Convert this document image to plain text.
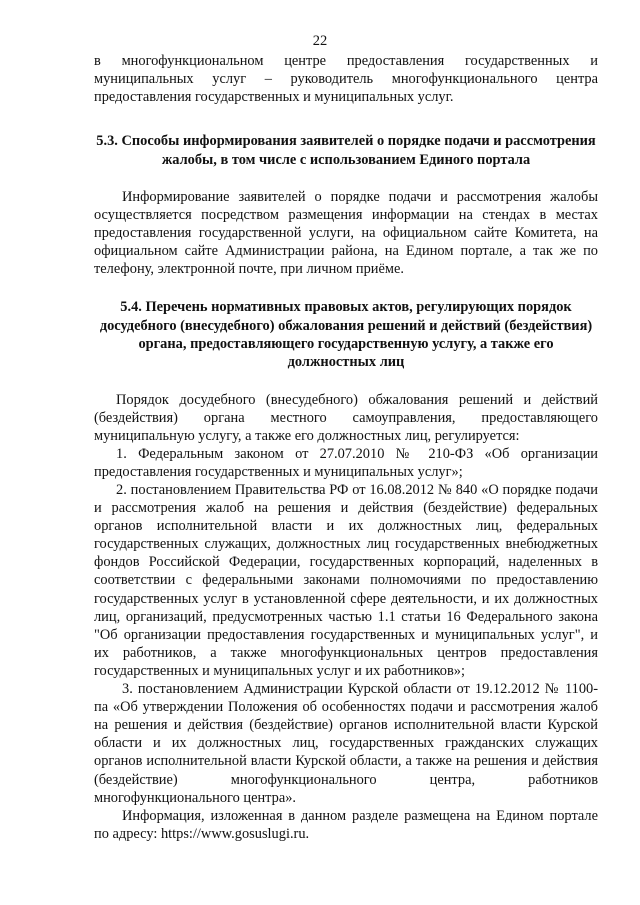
22

в многофункциональном центре предоставления государственных и муниципальных услуг – руководитель многофункционального центра предоставления государственных и муниципальных услуг.

5.3. Способы информирования заявителей о порядке подачи и рассмотрения жалобы, в том числе с использованием Единого портала

Информирование заявителей о порядке подачи и рассмотрения жалобы осуществляется посредством размещения информации на стендах в местах предоставления государственной услуги, на официальном сайте Комитета, на официальном сайте Администрации района, на Едином портале, а так же по телефону, электронной почте, при личном приёме.

5.4. Перечень нормативных правовых актов, регулирующих порядок досудебного (внесудебного) обжалования решений и действий (бездействия) органа, предоставляющего государственную услугу, а также его должностных лиц

Порядок досудебного (внесудебного) обжалования решений и действий (бездействия) органа местного самоуправления, предоставляющего муниципальную услугу, а также его должностных лиц, регулируется:

1. Федеральным законом от 27.07.2010 № 210-ФЗ «Об организации предоставления государственных и муниципальных услуг»;

2. постановлением Правительства РФ от 16.08.2012 № 840 «О порядке подачи и рассмотрения жалоб на решения и действия (бездействие) федеральных органов исполнительной власти и их должностных лиц, федеральных государственных служащих, должностных лиц государственных внебюджетных фондов Российской Федерации, государственных корпораций, наделенных в соответствии с федеральными законами полномочиями по предоставлению государственных услуг в установленной сфере деятельности, и их должностных лиц, организаций, предусмотренных частью 1.1 статьи 16 Федерального закона "Об организации предоставления государственных и муниципальных услуг", и их работников, а также многофункциональных центров предоставления государственных и муниципальных услуг и их работников»;

3. постановлением Администрации Курской области от 19.12.2012 № 1100-па «Об утверждении Положения об особенностях подачи и рассмотрения жалоб на решения и действия (бездействие) органов исполнительной власти Курской области и их должностных лиц, государственных гражданских служащих органов исполнительной власти Курской области, а также на решения и действия (бездействие) многофункционального центра, работников многофункционального центра».

Информация, изложенная в данном разделе размещена на Едином портале по адресу: https://www.gosuslugi.ru.
